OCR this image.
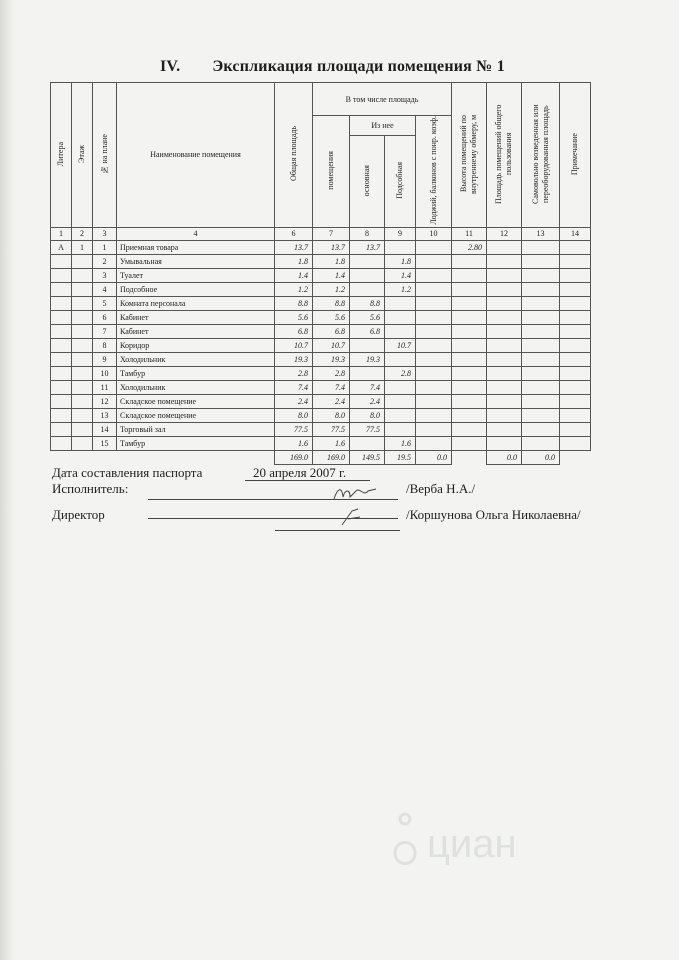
IV. Экспликация площади помещения № 1
Литера	Этаж	№ на плане	Наименование помещения	Общая площадь	В том числе площадь				Высота помещений по внутреннему обмеру, м	Площадь помещений общего пользования	Самовольно возведенная или переоборудованная площадь	Примечание
					помещения	Из нее		Лоджий, балконов с понр. коэф.				
						основная	Подсобная					
1	2	3	4	6	7	8	9	10	11	12	13	14
А	1	1	Приемная товара	13.7	13.7	13.7			2.80			
		2	Умывальная	1.8	1.8		1.8					
		3	Туалет	1.4	1.4		1.4					
		4	Подсобное	1.2	1.2		1.2					
		5	Комната персонала	8.8	8.8	8.8						
		6	Кабинет	5.6	5.6	5.6						
		7	Кабинет	6.8	6.8	6.8						
		8	Коридор	10.7	10.7		10.7					
		9	Холодильник	19.3	19.3	19.3						
		10	Тамбур	2.8	2.8		2.8					
		11	Холодильник	7.4	7.4	7.4						
		12	Складское помещение	2.4	2.4	2.4						
		13	Складское помещение	8.0	8.0	8.0						
		14	Торговый зал	77.5	77.5	77.5						
		15	Тамбур	1.6	1.6		1.6					
				169.0	169.0	149.5	19.5	0.0		0.0	0.0	
Дата составления паспорта	20 апреля 2007 г.
Исполнитель:	/Верба Н.А./
Директор	/Коршунова Ольга Николаевна/
циан
